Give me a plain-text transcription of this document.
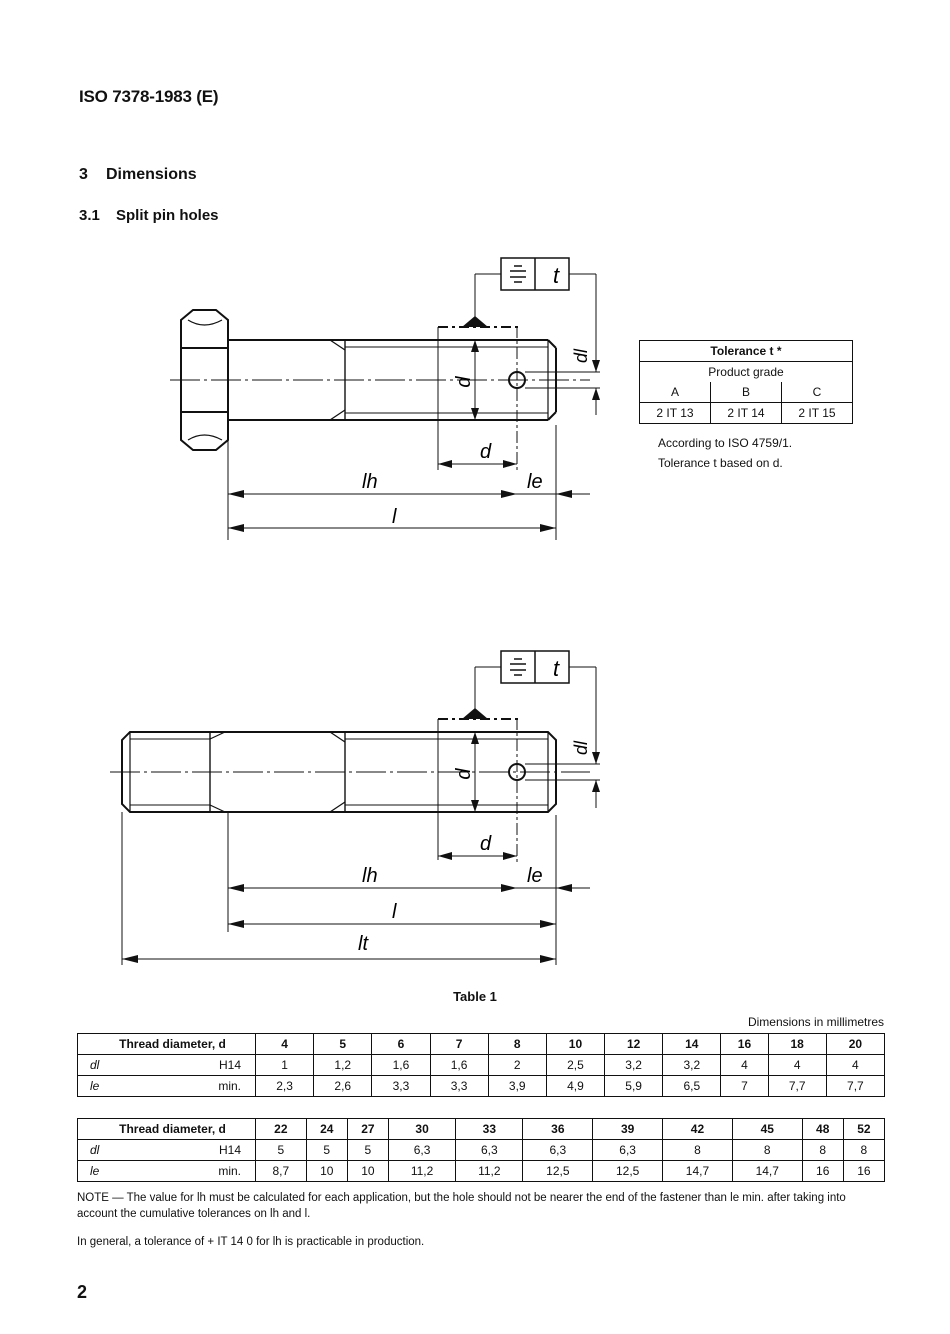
ISO 7378-1983 (E)
3 Dimensions
3.1 Split pin holes
t
d
dl
d
lh	le
l
Tolerance t *		
Product grade		
A	B	C
2 IT 13	2 IT 14	2 IT 15
According to ISO 4759/1.
Tolerance t based on d.
t
d
dl
d
lh	le
l
lt
Table 1
Dimensions in millimetres
Thread diameter, d	4	5	6	7	8	10	12	14	16	18	20
dl H14	1	1,2	1,6	1,6	2	2,5	3,2	3,2	4	4	4
le min.	2,3	2,6	3,3	3,3	3,9	4,9	5,9	6,5	7	7,7	7,7
Thread diameter, d	22	24	27	30	33	36	39	42	45	48	52
dl H14	5	5	5	6,3	6,3	6,3	6,3	8	8	8	8
le min.	8,7	10	10	11,2	11,2	12,5	12,5	14,7	14,7	16	16
NOTE — The value for lh must be calculated for each application, but the hole should not be nearer the end of the fastener than le min. after taking into account the cumulative tolerances on lh and l.
In general, a tolerance of + IT 14 0 for lh is practicable in production.
2
